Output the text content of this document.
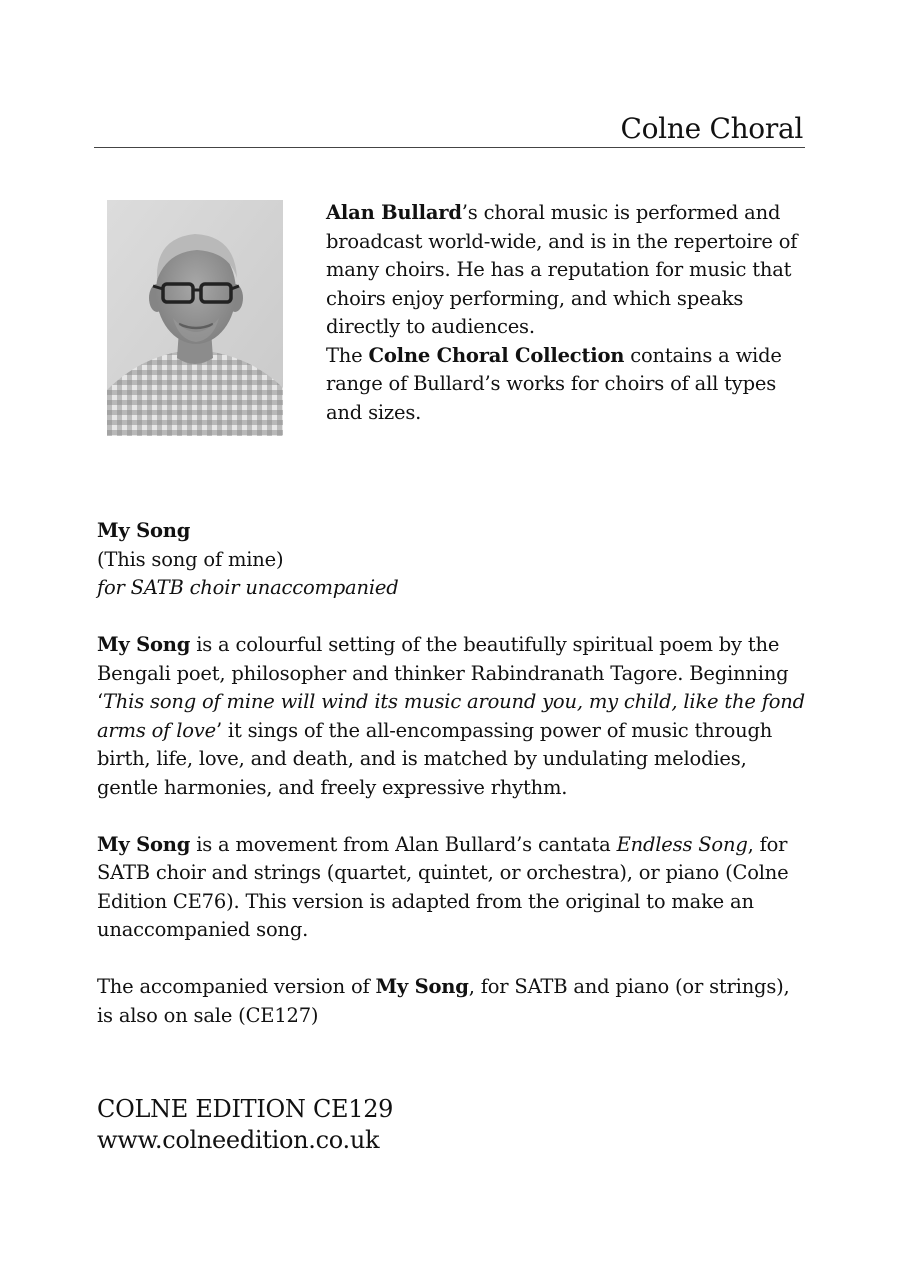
Colne Choral

Alan Bullard’s choral music is performed and broadcast world-wide, and is in the repertoire of many choirs. He has a reputation for music that choirs enjoy performing, and which speaks directly to audiences.

The Colne Choral Collection contains a wide range of Bullard’s works for choirs of all types and sizes.

My Song

(This song of mine)

for SATB choir unaccompanied

My Song is a colourful setting of the beautifully spiritual poem by the Bengali poet, philosopher and thinker Rabindranath Tagore. Beginning ‘This song of mine will wind its music around you, my child, like the fond arms of love’ it sings of the all-encompassing power of music through birth, life, love, and death, and is matched by undulating melodies, gentle harmonies, and freely expressive rhythm.

My Song is a movement from Alan Bullard’s cantata Endless Song, for SATB choir and strings (quartet, quintet, or orchestra), or piano (Colne Edition CE76). This version is adapted from the original to make an unaccompanied song.

The accompanied version of My Song, for SATB and piano (or strings), is also on sale (CE127)

COLNE EDITION CE129
www.colneedition.co.uk
